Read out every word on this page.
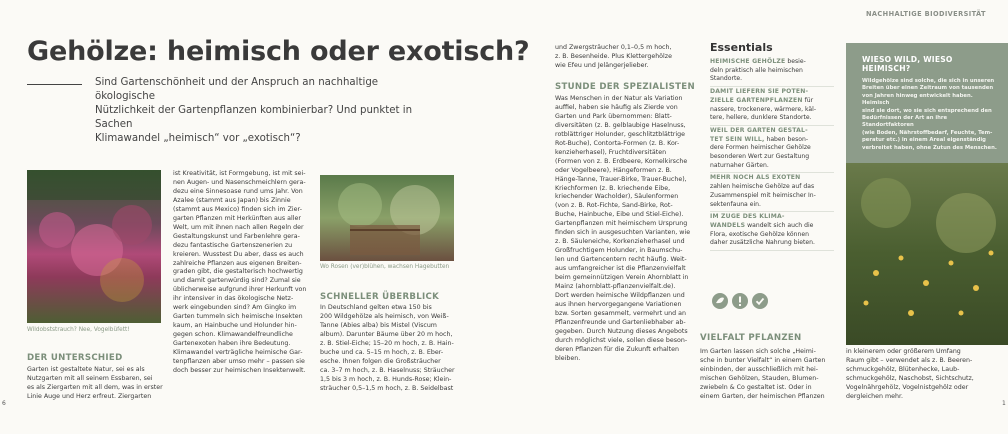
NACHHALTIGE BIODIVERSITÄT
Gehölze: heimisch oder exotisch?
Sind Gartenschönheit und der Anspruch an nachhaltige ökologische
Nützlichkeit der Gartenpflanzen kombinierbar? Und punktet in Sachen
Klimawandel „heimisch“ vor „exotisch“?
Wildobststrauch? Nee, Vogelbüfett!
Wo Rosen (ver)blühen, wachsen Hagebutten
DER UNTERSCHIED
Garten ist gestaltete Natur, sei es als
Nutzgarten mit all seinem Essbaren, sei
es als Ziergarten mit all dem, was in erster
Linie Auge und Herz erfreut. Ziergarten
ist Kreativität, ist Formgebung, ist mit sei-
nen Augen- und Nasenschmeichlern gera-
dezu eine Sinnesoase rund ums Jahr. Von
Azalee (stammt aus Japan) bis Zinnie
(stammt aus Mexico) finden sich im Zier-
garten Pflanzen mit Herkünften aus aller
Welt, um mit ihnen nach allen Regeln der
Gestaltungskunst und Farbenlehre gera-
dezu fantastische Gartenszenerien zu
kreieren. Wusstest Du aber, dass es auch
zahlreiche Pflanzen aus eigenen Breiten-
graden gibt, die gestalterisch hochwertig
und damit gartenwürdig sind? Zumal sie
üblicherweise aufgrund ihrer Herkunft von
ihr intensiver in das ökologische Netz-
werk eingebunden sind? Am Gingko im
Garten tummeln sich heimische Insekten
kaum, an Hainbuche und Holunder hin-
gegen schon. Klimawandelfreundliche
Gartenexoten haben ihre Bedeutung.
Klimawandel verträgliche heimische Gar-
tenpflanzen aber umso mehr – passen sie
doch besser zur heimischen Insektenwelt.
SCHNELLER ÜBERBLICK
In Deutschland gelten etwa 150 bis
200 Wildgehölze als heimisch, von Weiß-
Tanne (Abies alba) bis Mistel (Viscum
album). Darunter Bäume über 20 m hoch,
z. B. Stiel-Eiche; 15–20 m hoch, z. B. Hain-
buche und ca. 5–15 m hoch, z. B. Eber-
esche. Ihnen folgen die Großsträucher
ca. 3–7 m hoch, z. B. Haselnuss; Sträucher
1,5 bis 3 m hoch, z. B. Hunds-Rose; Klein-
sträucher 0,5–1,5 m hoch, z. B. Seidelbast
6
und Zwergsträucher 0,1–0,5 m hoch,
z. B. Besenheide. Plus Klettergehölze
wie Efeu und Jelängerjelieber.
STUNDE DER SPEZIALISTEN
Was Menschen in der Natur als Variation
auffiel, haben sie häufig als Zierde von
Garten und Park übernommen: Blatt-
diversitäten (z. B. gelblaubige Haselnuss,
rotblättriger Holunder, geschlitztblättrige
Rot-Buche), Contorta-Formen (z. B. Kor-
kenzieherhasel), Fruchtdiversitäten
(Formen von z. B. Erdbeere, Kornelkirsche
oder Vogelbeere), Hängeformen z. B.
Hänge-Tanne, Trauer-Birke, Trauer-Buche),
Kriechformen (z. B. kriechende Eibe,
kriechender Wacholder), Säulenformen
(von z. B. Rot-Fichte, Sand-Birke, Rot-
Buche, Hainbuche, Eibe und Stiel-Eiche).
Gartenpflanzen mit heimischem Ursprung
finden sich in ausgesuchten Varianten, wie
z. B. Säuleneiche, Korkenzieherhasel und
Großfruchtigem Holunder, in Baumschu-
len und Gartencentern recht häufig. Weit-
aus umfangreicher ist die Pflanzenvielfalt
beim gemeinnützigen Verein Ahornblatt in
Mainz (ahornblatt-pflanzenvielfalt.de).
Dort werden heimische Wildpflanzen und
aus ihnen hervorgegangene Variationen
bzw. Sorten gesammelt, vermehrt und an
Pflanzenfreunde und Gartenliebhaber ab-
gegeben. Durch Nutzung dieses Angebots
durch möglichst viele, sollen diese beson-
deren Pflanzen für die Zukunft erhalten
bleiben.
Essentials
HEIMISCHE GEHÖLZE besie-
deln praktisch alle heimischen
Standorte.
DAMIT LIEFERN SIE POTEN-
ZIELLE GARTENPFLANZEN für
nassere, trockenere, wärmere, käl-
tere, hellere, dunklere Standorte.
WEIL DER GARTEN GESTAL-
TET SEIN WILL, haben beson-
dere Formen heimischer Gehölze
besonderen Wert zur Gestaltung
naturnaher Gärten.
MEHR NOCH ALS EXOTEN
zahlen heimische Gehölze auf das
Zusammenspiel mit heimischer In-
sektenfauna ein.
IM ZUGE DES KLIMA-
WANDELS wandelt sich auch die
Flora, exotische Gehölze können
daher zusätzliche Nahrung bieten.
VIELFALT PFLANZEN
Im Garten lassen sich solche „Heimi-
sche in bunter Vielfalt“ in einem Garten
einbinden, der ausschließlich mit hei-
mischen Gehölzen, Stauden, Blumen-
zwiebeln & Co gestaltet ist. Oder in
einem Garten, der heimischen Pflanzen
WIESO WILD, WIESO HEIMISCH?
Wildgehölze sind solche, die sich in unseren
Breiten über einen Zeitraum von tausenden
von Jahren hinweg entwickelt haben. Heimisch
sind sie dort, wo sie sich entsprechend den
Bedürfnissen der Art an ihre Standortfaktoren
(wie Boden, Nährstoffbedarf, Feuchte, Tem-
peratur etc.) in einem Areal eigenständig
verbreitet haben, ohne Zutun des Menschen.
in kleinerem oder größerem Umfang
Raum gibt – verwendet als z. B. Beeren-
schmuckgehölz, Blütenhecke, Laub-
schmuckgehölz, Naschobst, Sichtschutz,
Vogelnährgehölz, Vogelnistgehölz oder
dergleichen mehr.
1
